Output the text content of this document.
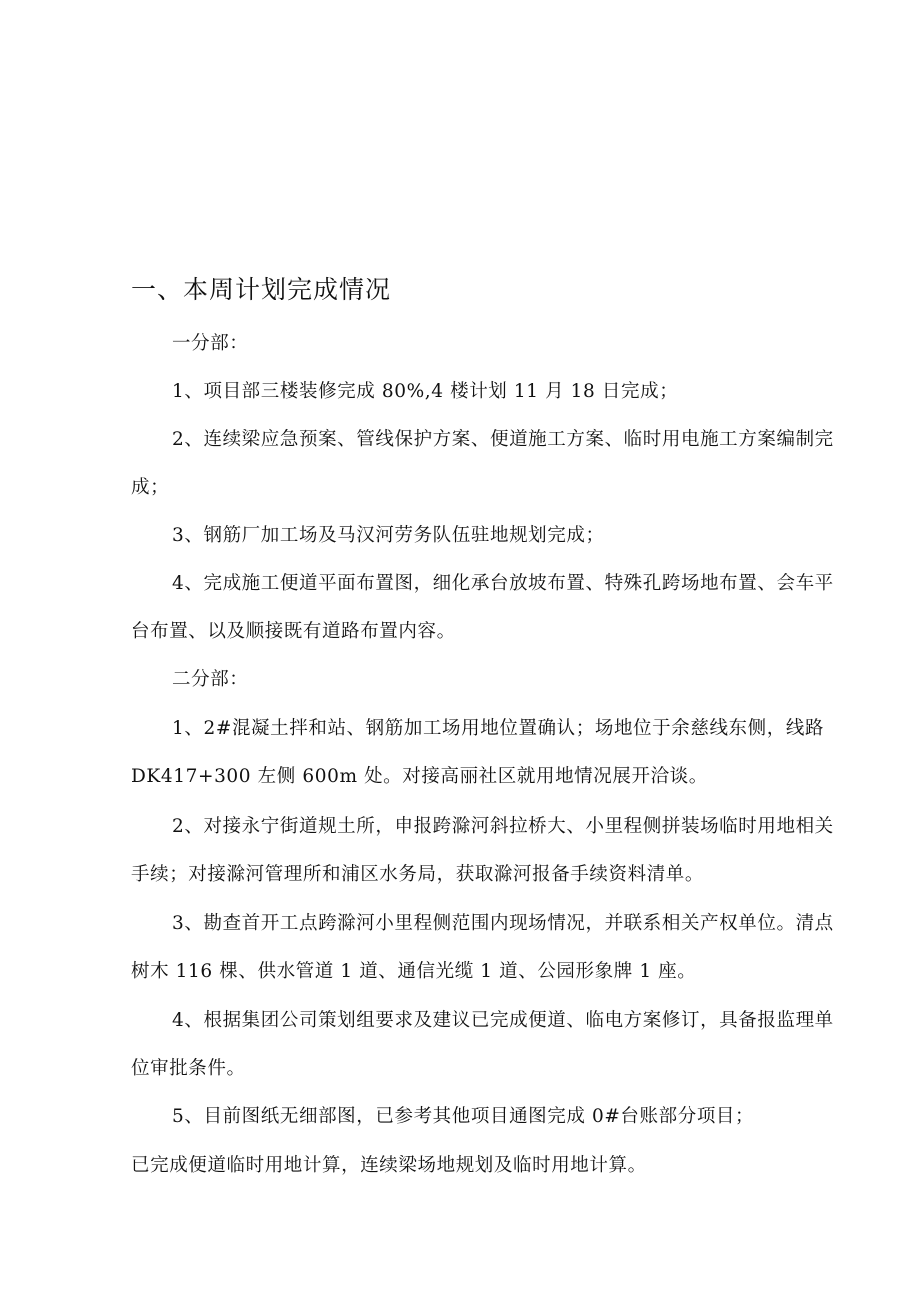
一、本周计划完成情况

一分部：

1、项目部三楼装修完成 80%,4 楼计划 11 月 18 日完成；

2、连续梁应急预案、管线保护方案、便道施工方案、临时用电施工方案编制完成；

3、钢筋厂加工场及马汉河劳务队伍驻地规划完成；

4、完成施工便道平面布置图，细化承台放坡布置、特殊孔跨场地布置、会车平台布置、以及顺接既有道路布置内容。

二分部：

1、2#混凝土拌和站、钢筋加工场用地位置确认；场地位于余慈线东侧，线路 DK417+300 左侧 600m 处。对接高丽社区就用地情况展开洽谈。

2、对接永宁街道规土所，申报跨滁河斜拉桥大、小里程侧拼装场临时用地相关手续；对接滁河管理所和浦区水务局，获取滁河报备手续资料清单。

3、勘查首开工点跨滁河小里程侧范围内现场情况，并联系相关产权单位。清点树木 116 棵、供水管道 1 道、通信光缆 1 道、公园形象牌 1 座。

4、根据集团公司策划组要求及建议已完成便道、临电方案修订，具备报监理单位审批条件。

5、目前图纸无细部图，已参考其他项目通图完成 0#台账部分项目；

已完成便道临时用地计算，连续梁场地规划及临时用地计算。
